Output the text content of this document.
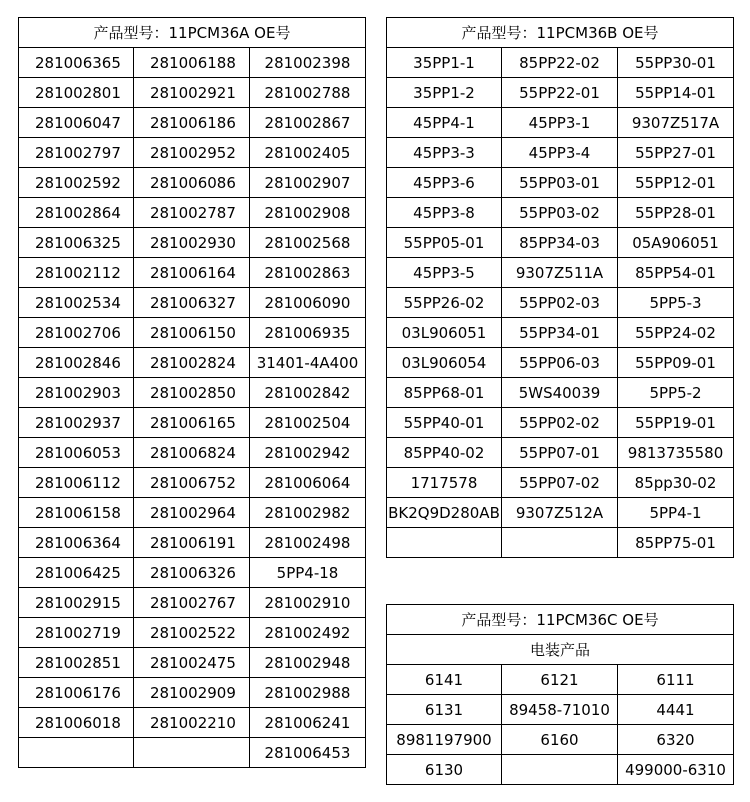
产品型号：11PCM36A OE号		
281006365	281006188	281002398
281002801	281002921	281002788
281006047	281006186	281002867
281002797	281002952	281002405
281002592	281006086	281002907
281002864	281002787	281002908
281006325	281002930	281002568
281002112	281006164	281002863
281002534	281006327	281006090
281002706	281006150	281006935
281002846	281002824	31401-4A400
281002903	281002850	281002842
281002937	281006165	281002504
281006053	281006824	281002942
281006112	281006752	281006064
281006158	281002964	281002982
281006364	281006191	281002498
281006425	281006326	5PP4-18
281002915	281002767	281002910
281002719	281002522	281002492
281002851	281002475	281002948
281006176	281002909	281002988
281006018	281002210	281006241
		281006453
产品型号：11PCM36B OE号		
35PP1-1	85PP22-02	55PP30-01
35PP1-2	55PP22-01	55PP14-01
45PP4-1	45PP3-1	9307Z517A
45PP3-3	45PP3-4	55PP27-01
45PP3-6	55PP03-01	55PP12-01
45PP3-8	55PP03-02	55PP28-01
55PP05-01	85PP34-03	05A906051
45PP3-5	9307Z511A	85PP54-01
55PP26-02	55PP02-03	5PP5-3
03L906051	55PP34-01	55PP24-02
03L906054	55PP06-03	55PP09-01
85PP68-01	5WS40039	5PP5-2
55PP40-01	55PP02-02	55PP19-01
85PP40-02	55PP07-01	9813735580
1717578	55PP07-02	85pp30-02
BK2Q9D280AB	9307Z512A	5PP4-1
		85PP75-01
产品型号：11PCM36C OE号		
电装产品		
6141	6121	6111
6131	89458-71010	4441
8981197900	6160	6320
6130		499000-6310
